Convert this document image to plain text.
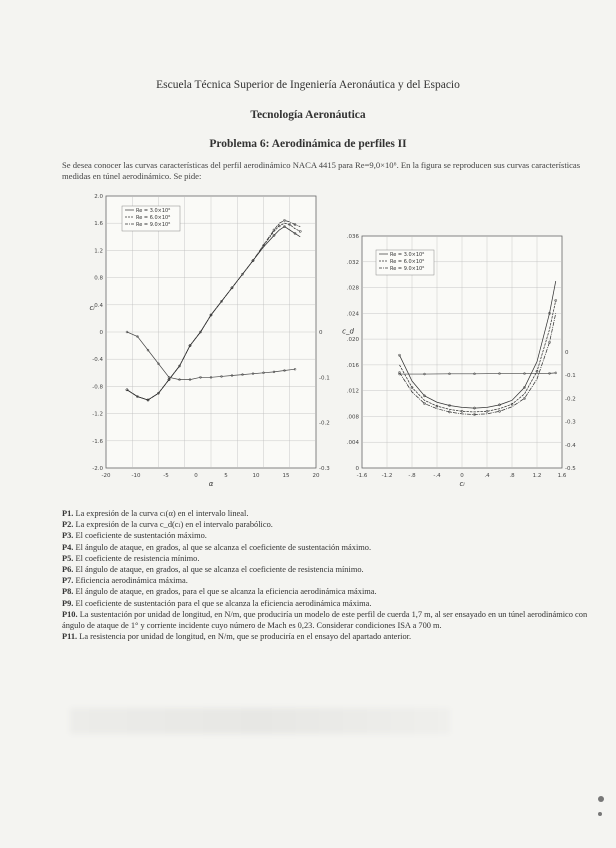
Escuela Técnica Superior de Ingeniería Aeronáutica y del Espacio
Tecnología Aeronáutica
Problema 6: Aerodinámica de perfiles II
Se desea conocer las curvas características del perfil aerodinámico NACA 4415 para Re=9,0×10⁶. En la figura se reproducen sus curvas características medidas en túnel aerodinámico. Se pide:
-20	-10	-5	0	5	10	15	20
2.0
1.6
1.2
0.8
0.4
0
-0.4
-0.8
-1.2
-1.6
-2.0
0
-0.1
-0.2
-0.3
α
cₗ
Re = 3.0×10⁶
Re = 6.0×10⁶
Re = 9.0×10⁶
-1.6	-1.2	-.8	-.4	0	.4	.8	1.2	1.6
.036
.032
.028
.024
.020
.016
.012
.008
.004
0
0
-0.1
-0.2
-0.3
-0.4
-0.5
cₗ
c_d
Re = 3.0×10⁶
Re = 6.0×10⁶
Re = 9.0×10⁶
P1. La expresión de la curva cₗ(α) en el intervalo lineal.
P2. La expresión de la curva c_d(cₗ) en el intervalo parabólico.
P3. El coeficiente de sustentación máximo.
P4. El ángulo de ataque, en grados, al que se alcanza el coeficiente de sustentación máximo.
P5. El coeficiente de resistencia mínimo.
P6. El ángulo de ataque, en grados, al que se alcanza el coeficiente de resistencia mínimo.
P7. Eficiencia aerodinámica máxima.
P8. El ángulo de ataque, en grados, para el que se alcanza la eficiencia aerodinámica máxima.
P9. El coeficiente de sustentación para el que se alcanza la eficiencia aerodinámica máxima.
P10. La sustentación por unidad de longitud, en N/m, que produciría un modelo de este perfil de cuerda 1,7 m, al ser ensayado en un túnel aerodinámico con ángulo de ataque de 1° y corriente incidente cuyo número de Mach es 0,23. Considerar condiciones ISA a 700 m.
P11. La resistencia por unidad de longitud, en N/m, que se produciría en el ensayo del apartado anterior.
